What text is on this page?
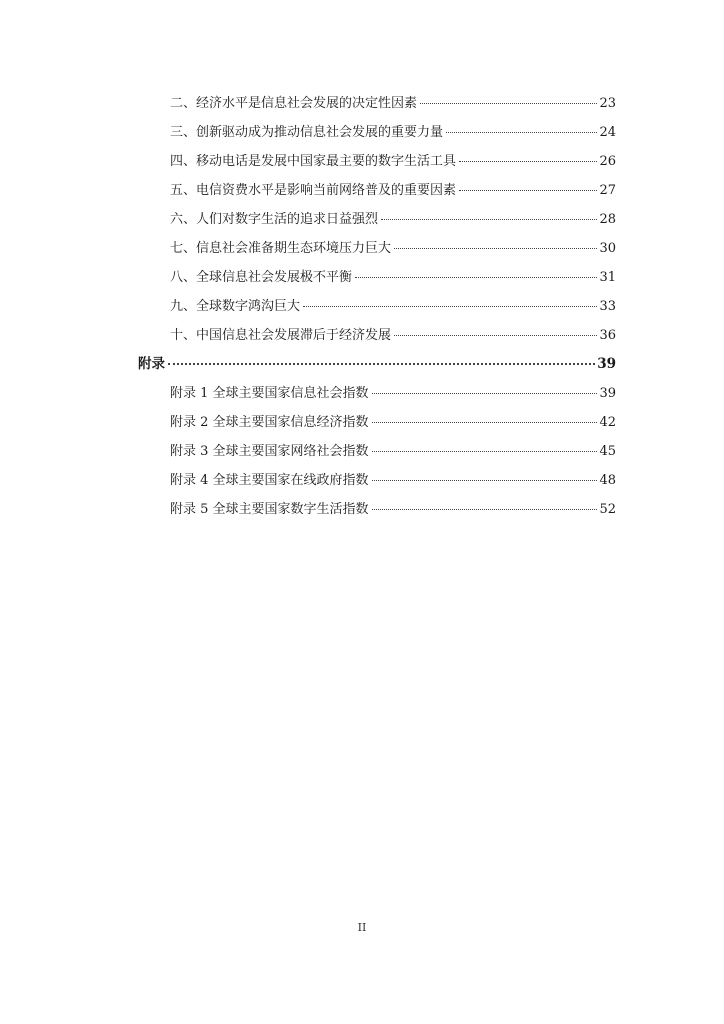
二、经济水平是信息社会发展的决定性因素	23
三、创新驱动成为推动信息社会发展的重要力量	24
四、移动电话是发展中国家最主要的数字生活工具	26
五、电信资费水平是影响当前网络普及的重要因素	27
六、人们对数字生活的追求日益强烈	28
七、信息社会准备期生态环境压力巨大	30
八、全球信息社会发展极不平衡	31
九、全球数字鸿沟巨大	33
十、中国信息社会发展滞后于经济发展	36
附录	39
附录 1 全球主要国家信息社会指数	39
附录 2 全球主要国家信息经济指数	42
附录 3 全球主要国家网络社会指数	45
附录 4 全球主要国家在线政府指数	48
附录 5 全球主要国家数字生活指数	52
II
